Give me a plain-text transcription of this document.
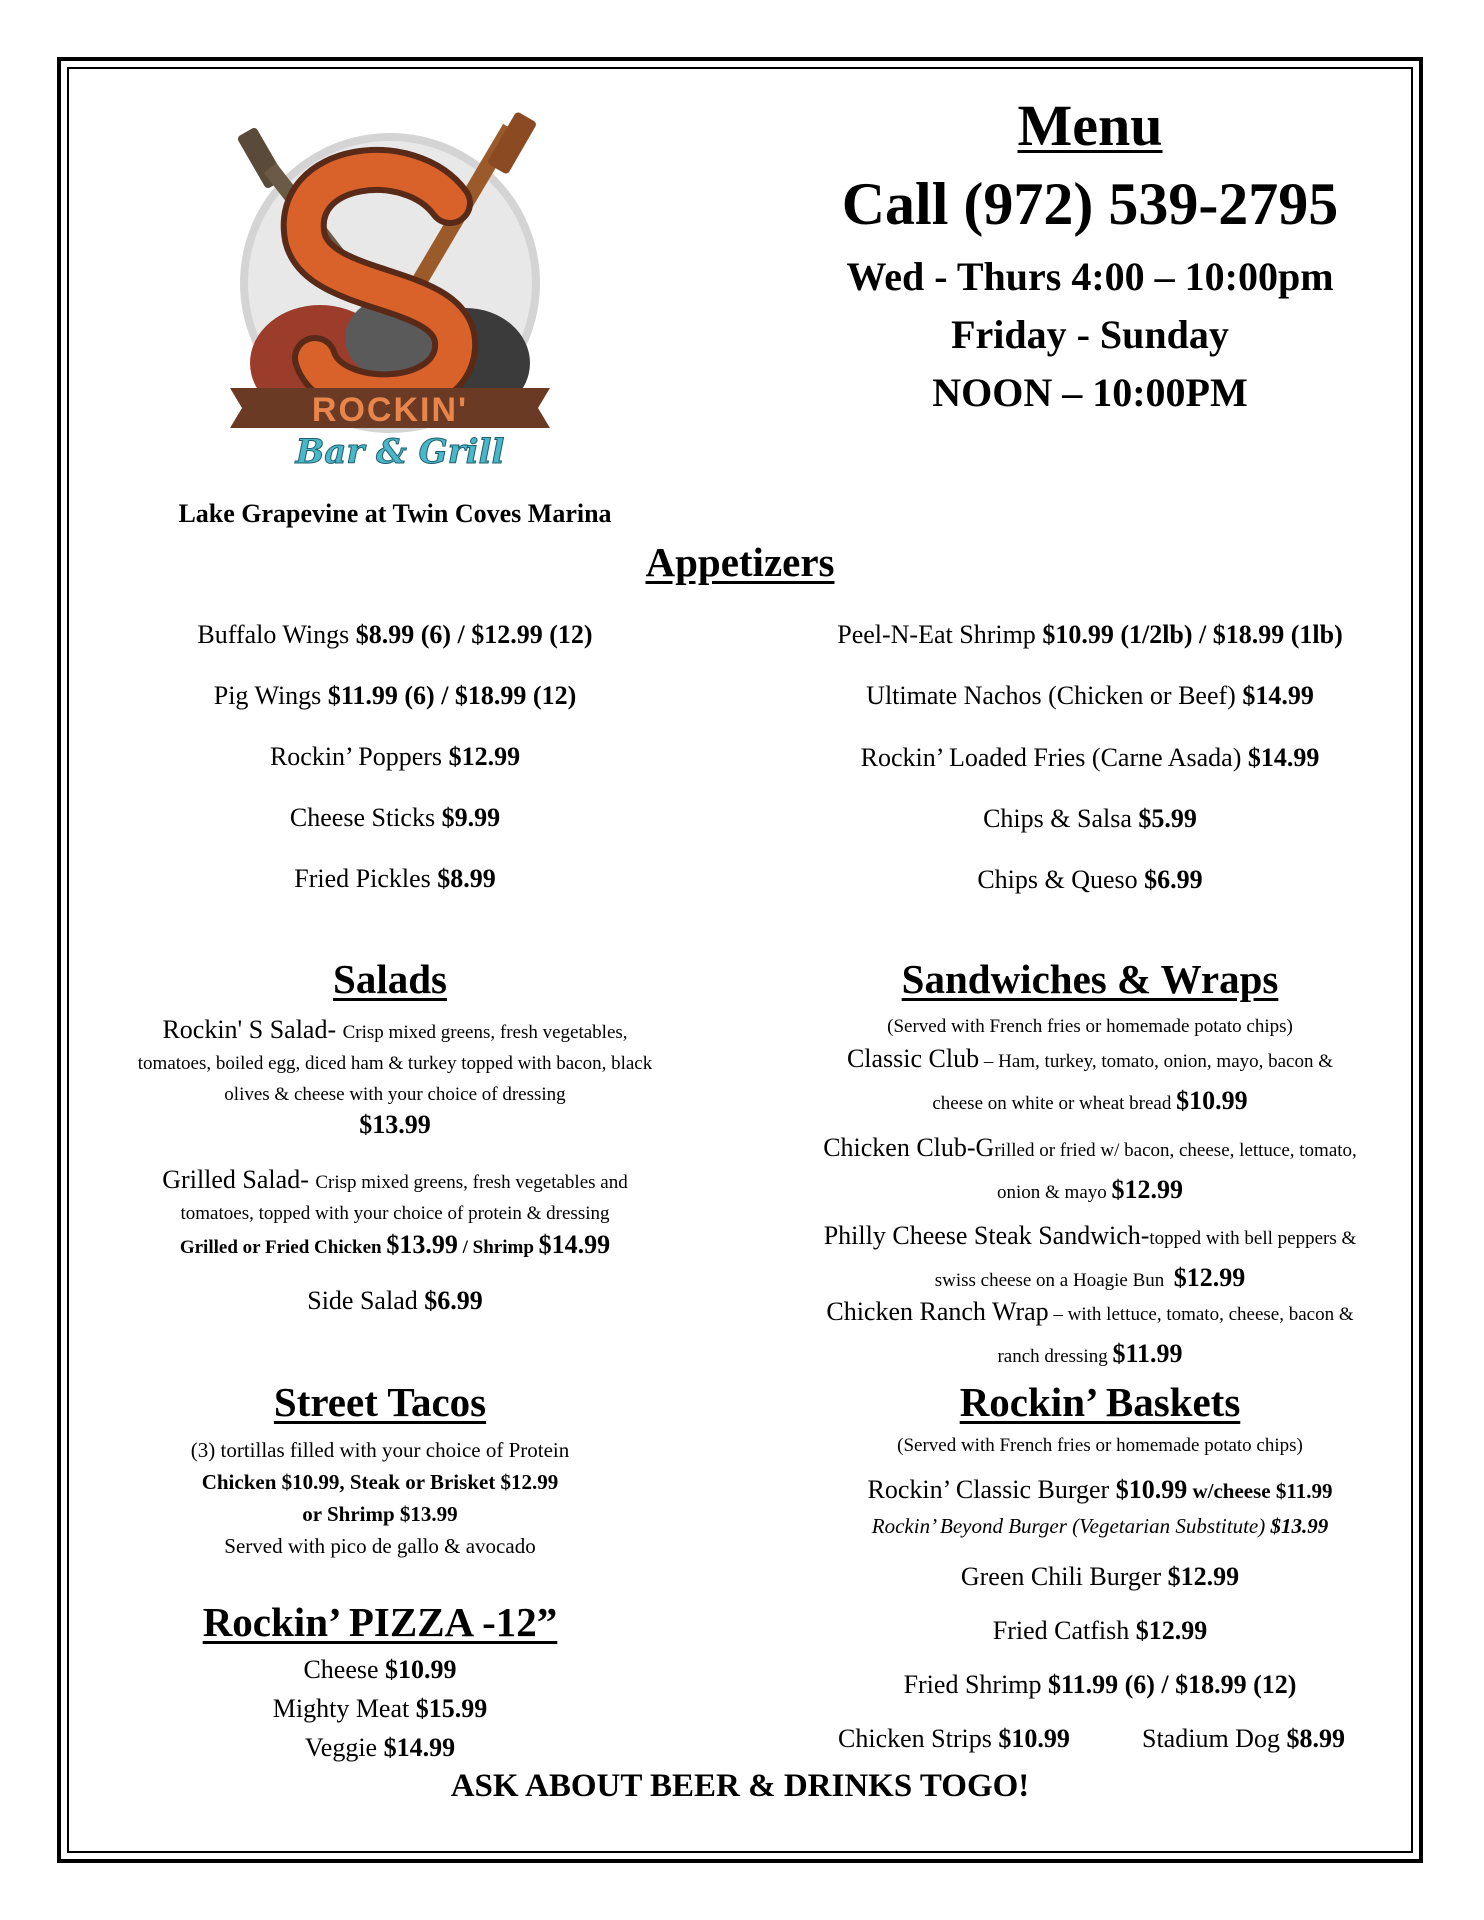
ROCKIN'
Bar & Grill
Menu
Call (972) 539-2795
Wed - Thurs 4:00 – 10:00pm
Friday - Sunday
NOON – 10:00PM
Lake Grapevine at Twin Coves Marina
Appetizers
Buffalo Wings $8.99 (6) / $12.99 (12)
Pig Wings $11.99 (6) / $18.99 (12)
Rockin’ Poppers $12.99
Cheese Sticks $9.99
Fried Pickles $8.99
Peel-N-Eat Shrimp $10.99 (1/2lb) / $18.99 (1lb)
Ultimate Nachos (Chicken or Beef) $14.99
Rockin’ Loaded Fries (Carne Asada) $14.99
Chips & Salsa $5.99
Chips & Queso $6.99
Salads
Rockin' S Salad- Crisp mixed greens, fresh vegetables,
tomatoes, boiled egg, diced ham & turkey topped with bacon, black
olives & cheese with your choice of dressing
$13.99
Grilled Salad- Crisp mixed greens, fresh vegetables and
tomatoes, topped with your choice of protein & dressing
Grilled or Fried Chicken $13.99 / Shrimp $14.99
Side Salad $6.99
Sandwiches & Wraps
(Served with French fries or homemade potato chips)
Classic Club – Ham, turkey, tomato, onion, mayo, bacon &
cheese on white or wheat bread $10.99
Chicken Club-Grilled or fried w/ bacon, cheese, lettuce, tomato,
onion & mayo $12.99
Philly Cheese Steak Sandwich-topped with bell peppers &
swiss cheese on a Hoagie Bun  $12.99
Chicken Ranch Wrap – with lettuce, tomato, cheese, bacon &
ranch dressing $11.99
Street Tacos
(3) tortillas filled with your choice of Protein
Chicken $10.99, Steak or Brisket $12.99
or Shrimp $13.99
Served with pico de gallo & avocado
Rockin’ PIZZA -12”
Cheese $10.99
Mighty Meat $15.99
Veggie $14.99
Rockin’ Baskets
(Served with French fries or homemade potato chips)
Rockin’ Classic Burger $10.99 w/cheese $11.99
Rockin’ Beyond Burger (Vegetarian Substitute) $13.99
Green Chili Burger $12.99
Fried Catfish $12.99
Fried Shrimp $11.99 (6) / $18.99 (12)
Chicken Strips $10.99	Stadium Dog $8.99
ASK ABOUT BEER & DRINKS TOGO!
